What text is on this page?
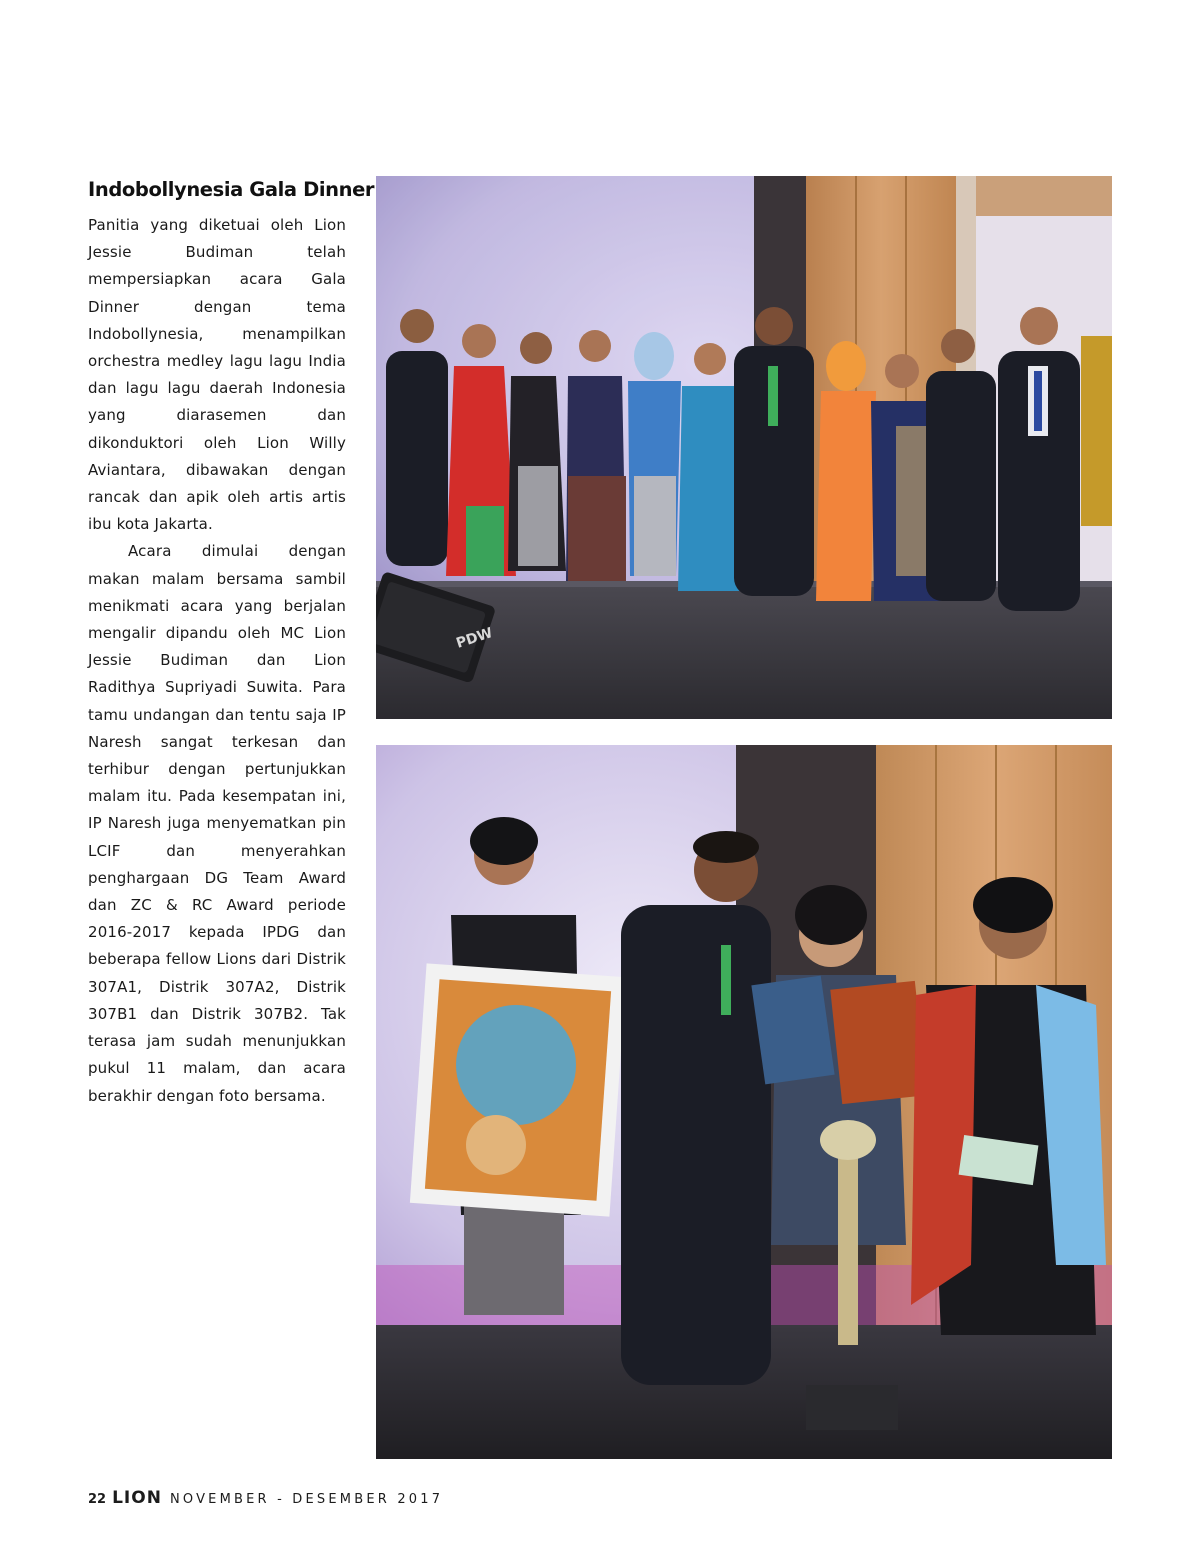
Indobollynesia Gala Dinner

Panitia yang diketuai oleh Lion Jessie Budiman telah mempersiapkan acara Gala Dinner dengan tema Indobollynesia, menampilkan orchestra medley lagu lagu India dan lagu lagu daerah Indonesia yang diarasemen dan dikonduktori oleh Lion Willy Aviantara, dibawakan dengan rancak dan apik oleh artis artis ibu kota Jakarta.

Acara dimulai dengan makan malam bersama sambil menikmati acara yang berjalan mengalir dipandu oleh MC Lion Jessie Budiman dan Lion Radithya Supriyadi Suwita. Para tamu undangan dan tentu saja IP Naresh sangat terkesan dan terhibur dengan pertunjukkan malam itu. Pada kesempatan ini, IP Naresh juga menyematkan pin LCIF dan menyerahkan penghargaan DG Team Award dan ZC & RC Award periode 2016-2017 kepada IPDG dan beberapa fellow Lions dari Distrik 307A1, Distrik 307A2, Distrik 307B1 dan Distrik 307B2. Tak terasa jam sudah menunjukkan pukul 11 malam, dan acara berakhir dengan foto bersama.

PDW
22 LION NOVEMBER - DESEMBER 2017
